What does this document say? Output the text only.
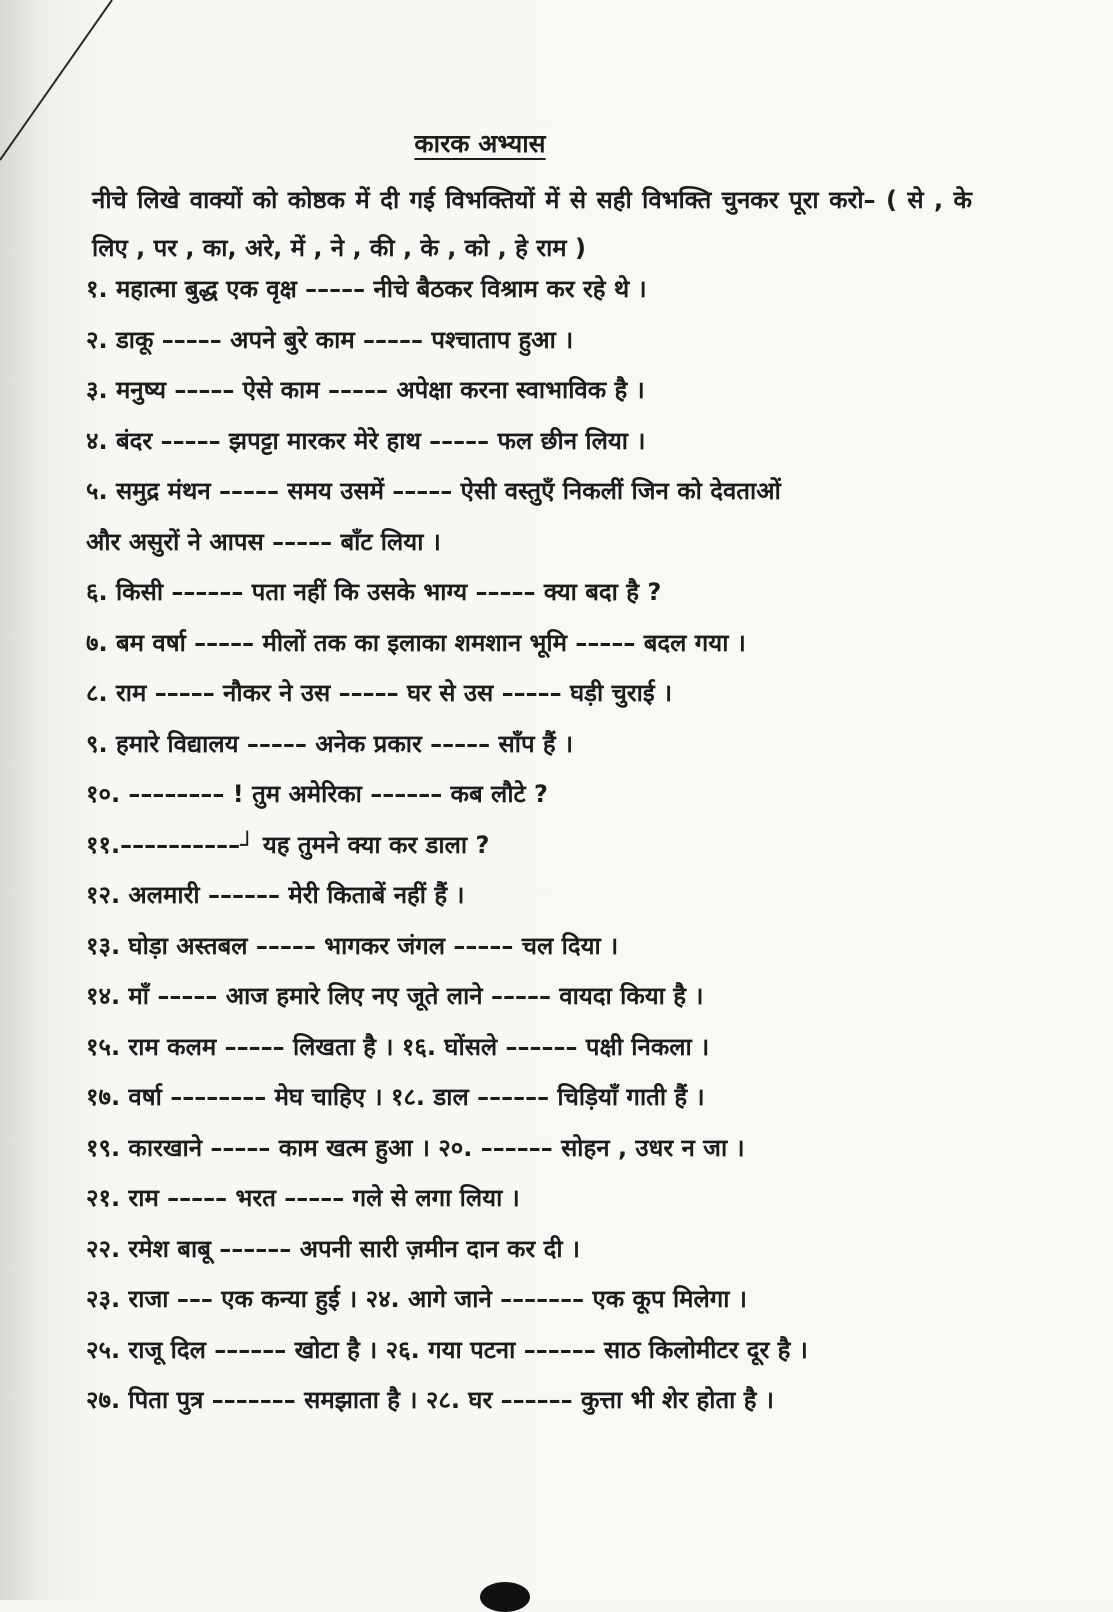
कारक अभ्यास
नीचे लिखे वाक्यों को कोष्ठक में दी गई विभक्तियों में से सही विभक्ति चुनकर पूरा करो– ( से , के लिए , पर , का, अरे, में , ने , की , के , को , हे राम )
१. महात्मा बुद्ध एक वृक्ष ––––– नीचे बैठकर विश्राम कर रहे थे ।
२. डाकू ––––– अपने बुरे काम ––––– पश्चाताप हुआ ।
३. मनुष्य ––––– ऐसे काम ––––– अपेक्षा करना स्वाभाविक है ।
४. बंदर ––––– झपट्टा मारकर मेरे हाथ ––––– फल छीन लिया ।
५. समुद्र मंथन ––––– समय उसमें ––––– ऐसी वस्तुएँ निकलीं जिन को देवताओं
और असुरों ने आपस ––––– बाँट लिया ।
६. किसी –––––– पता नहीं कि उसके भाग्य ––––– क्या बदा है ?
७. बम वर्षा ––––– मीलों तक का इलाका शमशान भूमि ––––– बदल गया ।
८. राम ––––– नौकर ने उस ––––– घर से उस ––––– घड़ी चुराई ।
९. हमारे विद्यालय ––––– अनेक प्रकार ––––– साँप हैं ।
१०. –––––––– ! तुम अमेरिका –––––– कब लौटे ?
११.––––––––––┘ यह तुमने क्या कर डाला ?
१२. अलमारी –––––– मेरी किताबें नहीं हैं ।
१३. घोड़ा अस्तबल ––––– भागकर जंगल ––––– चल दिया ।
१४. माँ ––––– आज हमारे लिए नए जूते लाने ––––– वायदा किया है ।
१५. राम कलम ––––– लिखता है । १६. घोंसले –––––– पक्षी निकला ।
१७. वर्षा –––––––– मेघ चाहिए । १८. डाल –––––– चिड़ियाँ गाती हैं ।
१९. कारखाने ––––– काम खत्म हुआ । २०. –––––– सोहन , उधर न जा ।
२१. राम ––––– भरत ––––– गले से लगा लिया ।
२२. रमेश बाबू –––––– अपनी सारी ज़मीन दान कर दी ।
२३. राजा ––– एक कन्या हुई । २४. आगे जाने ––––––– एक कूप मिलेगा ।
२५. राजू दिल –––––– खोटा है । २६. गया पटना –––––– साठ किलोमीटर दूर है ।
२७. पिता पुत्र ––––––– समझाता है । २८. घर –––––– कुत्ता भी शेर होता है ।
